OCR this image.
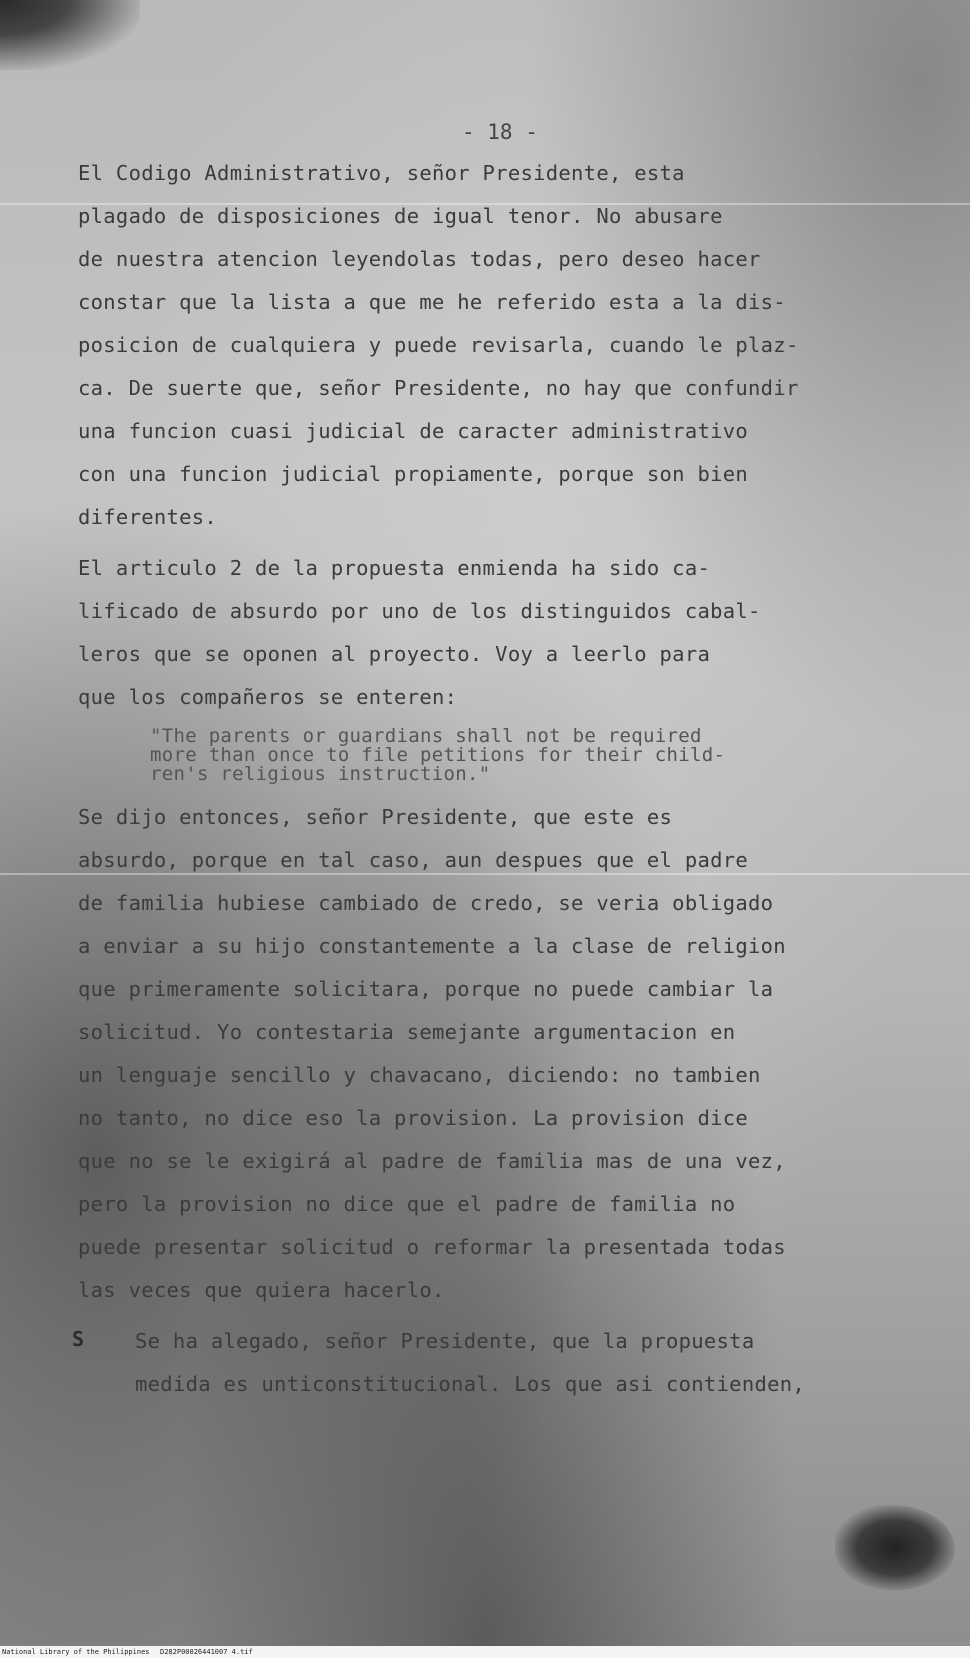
- 18 -

El Codigo Administrativo, señor Presidente, esta
plagado de disposiciones de igual tenor. No abusare
de nuestra atencion leyendolas todas, pero deseo hacer
constar que la lista a que me he referido esta a la dis-
posicion de cualquiera y puede revisarla, cuando le plaz-
ca. De suerte que, señor Presidente, no hay que confundir
una funcion cuasi judicial de caracter administrativo
con una funcion judicial propiamente, porque son bien
diferentes.

El articulo 2 de la propuesta enmienda ha sido ca-
lificado de absurdo por uno de los distinguidos cabal-
leros que se oponen al proyecto. Voy a leerlo para
que los compañeros se enteren:

"The parents or guardians shall not be required
more than once to file petitions for their child-
ren's religious instruction."

Se dijo entonces, señor Presidente, que este es
absurdo, porque en tal caso, aun despues que el padre
de familia hubiese cambiado de credo, se veria obligado
a enviar a su hijo constantemente a la clase de religion
que primeramente solicitara, porque no puede cambiar la
solicitud. Yo contestaria semejante argumentacion en
un lenguaje sencillo y chavacano, diciendo: no tambien
no tanto, no dice eso la provision. La provision dice
que no se le exigirá al padre de familia mas de una vez,
pero la provision no dice que el padre de familia no
puede presentar solicitud o reformar la presentada todas
las veces que quiera hacerlo.

S Se ha alegado, señor Presidente, que la propuesta
medida es unticonstitucional. Los que asi contienden,

National Library of the Philippines D282P00026441007 4.tif
